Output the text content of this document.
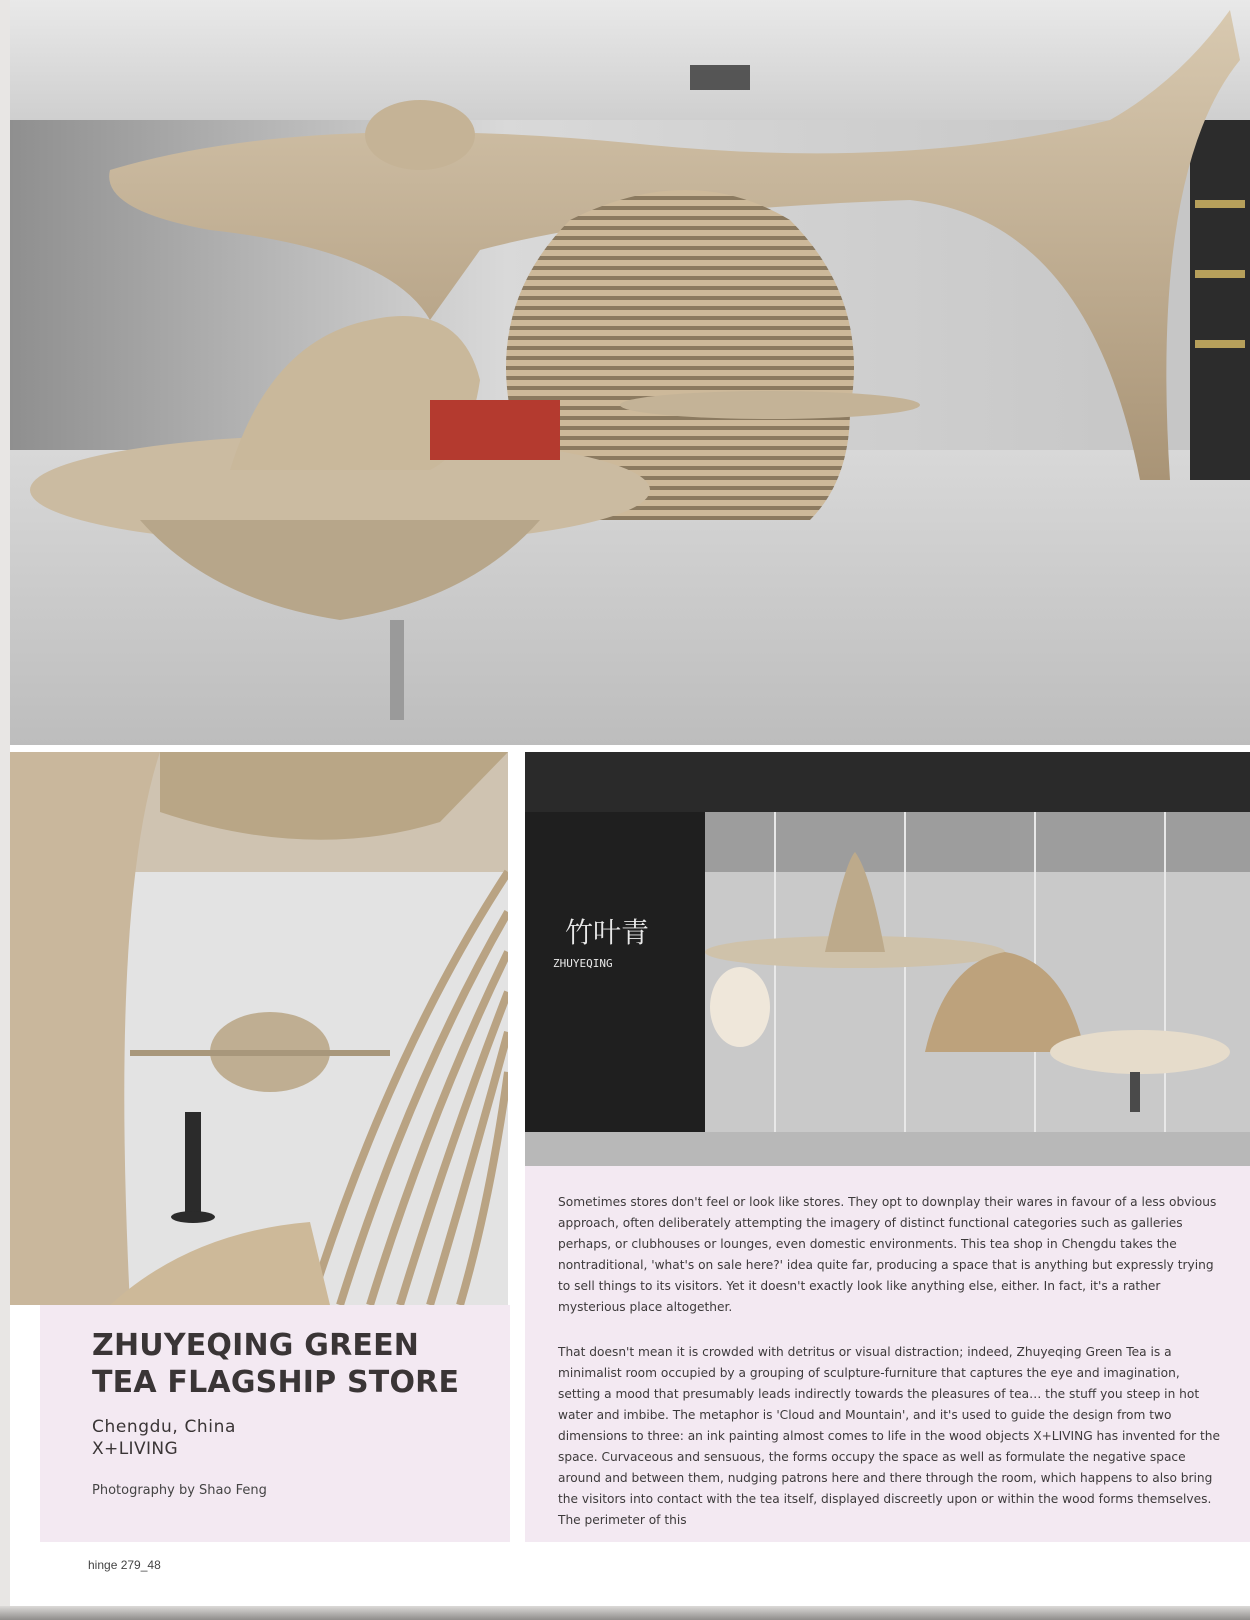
竹叶青
ZHUYEQING
ZHUYEQING GREEN TEA FLAGSHIP STORE
Chengdu, China
X+LIVING
Photography by Shao Feng

Sometimes stores don't feel or look like stores. They opt to downplay their wares in favour of a less obvious approach, often deliberately attempting the imagery of distinct functional categories such as galleries perhaps, or clubhouses or lounges, even domestic environments. This tea shop in Chengdu takes the nontraditional, 'what's on sale here?' idea quite far, producing a space that is anything but expressly trying to sell things to its visitors. Yet it doesn't exactly look like anything else, either. In fact, it's a rather mysterious place altogether.

That doesn't mean it is crowded with detritus or visual distraction; indeed, Zhuyeqing Green Tea is a minimalist room occupied by a grouping of sculpture-furniture that captures the eye and imagination, setting a mood that presumably leads indirectly towards the pleasures of tea… the stuff you steep in hot water and imbibe. The metaphor is 'Cloud and Mountain', and it's used to guide the design from two dimensions to three: an ink painting almost comes to life in the wood objects X+LIVING has invented for the space. Curvaceous and sensuous, the forms occupy the space as well as formulate the negative space around and between them, nudging patrons here and there through the room, which happens to also bring the visitors into contact with the tea itself, displayed discreetly upon or within the wood forms themselves. The perimeter of this

hinge 279_48
